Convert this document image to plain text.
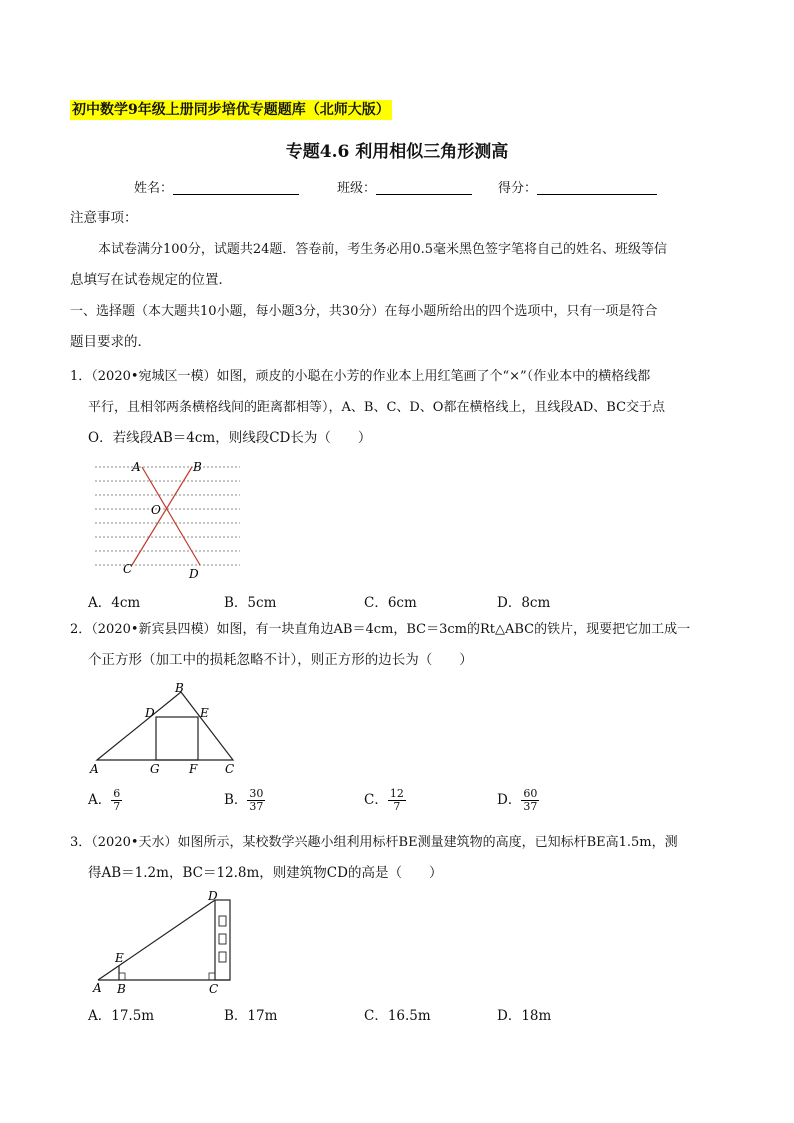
初中数学9年级上册同步培优专题题库（北师大版）
专题4.6 利用相似三角形测高
姓名：	班级：	得分：
注意事项：
本试卷满分100分，试题共24题．答卷前，考生务必用0.5毫米黑色签字笔将自己的姓名、班级等信
息填写在试卷规定的位置．
一、选择题（本大题共10小题，每小题3分，共30分）在每小题所给出的四个选项中，只有一项是符合
题目要求的．
1．（2020•宛城区一模）如图，顽皮的小聪在小芳的作业本上用红笔画了个“×”（作业本中的横格线都
平行，且相邻两条横格线间的距离都相等），A、B、C、D、O都在横格线上，且线段AD、BC交于点
O．若线段AB＝4cm，则线段CD长为（　　）
A	B
O
C	D
A．4cm	B．5cm	C．6cm	D．8cm
2．（2020•新宾县四模）如图，有一块直角边AB＝4cm，BC＝3cm的Rt△ABC的铁片，现要把它加工成一
个正方形（加工中的损耗忽略不计），则正方形的边长为（　　）
A
B
C
D	E
G F
A． $\frac{6}{7}$	B． $\frac{30}{37}$	C． $\frac{12}{7}$	D． $\frac{60}{37}$
3．（2020•天水）如图所示，某校数学兴趣小组利用标杆BE测量建筑物的高度，已知标杆BE高1.5m，测
得AB＝1.2m，BC＝12.8m，则建筑物CD的高是（　　）
A B	C
D
E
A．17.5m	B．17m	C．16.5m	D．18m
